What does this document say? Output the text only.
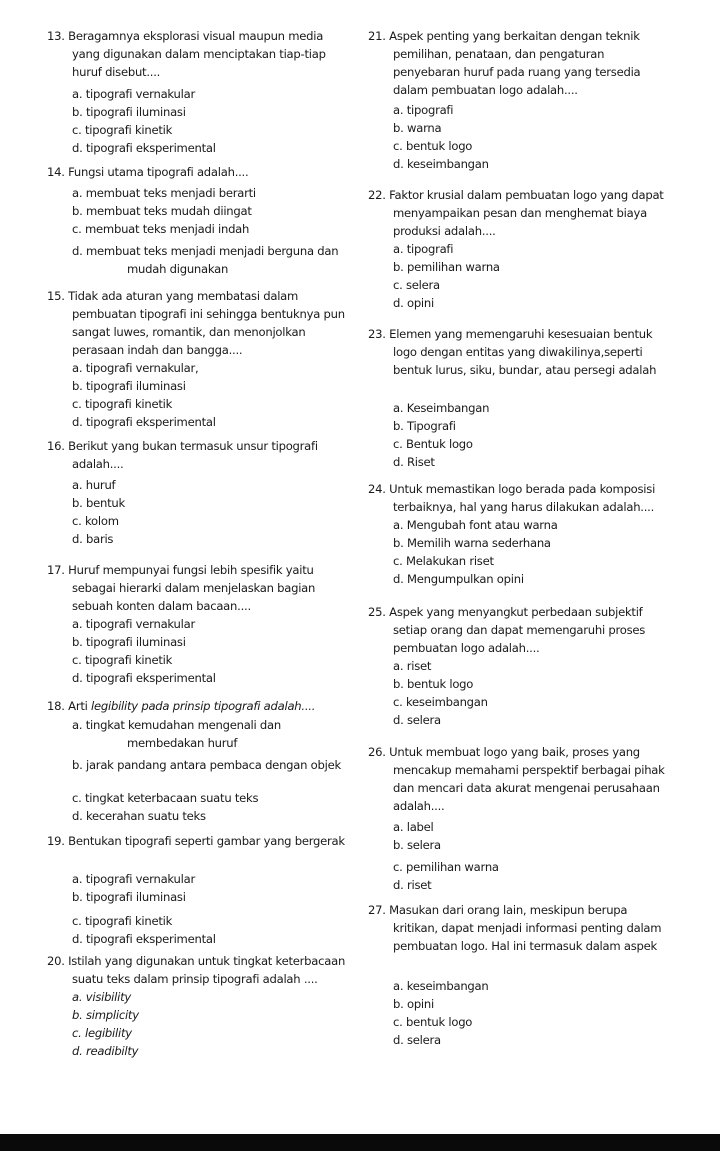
13. Beragamnya eksplorasi visual maupun media yang digunakan dalam menciptakan tiap-tiap huruf disebut....
a. tipografi vernakular
b. tipografi iluminasi
c. tipografi kinetik
d. tipografi eksperimental
14. Fungsi utama tipografi adalah....
a. membuat teks menjadi berarti
b. membuat teks mudah diingat
c. membuat teks menjadi indah
d. membuat teks menjadi menjadi berguna dan mudah digunakan
15. Tidak ada aturan yang membatasi dalam pembuatan tipografi ini sehingga bentuknya pun sangat luwes, romantik, dan menonjolkan perasaan indah dan bangga....
a. tipografi vernakular,
b. tipografi iluminasi
c. tipografi kinetik
d. tipografi eksperimental
16. Berikut yang bukan termasuk unsur tipografi adalah....
a. huruf
b. bentuk
c. kolom
d. baris
17. Huruf mempunyai fungsi lebih spesifik yaitu sebagai hierarki dalam menjelaskan bagian sebuah konten dalam bacaan....
a. tipografi vernakular
b. tipografi iluminasi
c. tipografi kinetik
d. tipografi eksperimental
18. Arti legibility pada prinsip tipografi adalah....
a. tingkat kemudahan mengenali dan membedakan huruf
b. jarak pandang antara pembaca dengan objek
c. tingkat keterbacaan suatu teks
d. kecerahan suatu teks
19. Bentukan tipografi seperti gambar yang bergerak
a. tipografi vernakular
b. tipografi iluminasi
c. tipografi kinetik
d. tipografi eksperimental
20. Istilah yang digunakan untuk tingkat keterbacaan suatu teks dalam prinsip tipografi adalah ....
a. visibility
b. simplicity
c. legibility
d. readibilty
21. Aspek penting yang berkaitan dengan teknik pemilihan, penataan, dan pengaturan penyebaran huruf pada ruang yang tersedia dalam pembuatan logo adalah....
a. tipografi
b. warna
c. bentuk logo
d. keseimbangan
22. Faktor krusial dalam pembuatan logo yang dapat menyampaikan pesan dan menghemat biaya produksi adalah....
a. tipografi
b. pemilihan warna
c. selera
d. opini
23. Elemen yang memengaruhi kesesuaian bentuk logo dengan entitas yang diwakilinya,seperti bentuk lurus, siku, bundar, atau persegi adalah
a. Keseimbangan
b. Tipografi
c. Bentuk logo
d. Riset
24. Untuk memastikan logo berada pada komposisi terbaiknya, hal yang harus dilakukan adalah....
a. Mengubah font atau warna
b. Memilih warna sederhana
c. Melakukan riset
d. Mengumpulkan opini
25. Aspek yang menyangkut perbedaan subjektif setiap orang dan dapat memengaruhi proses pembuatan logo adalah....
a. riset
b. bentuk logo
c. keseimbangan
d. selera
26. Untuk membuat logo yang baik, proses yang mencakup memahami perspektif berbagai pihak dan mencari data akurat mengenai perusahaan adalah....
a. label
b. selera
c. pemilihan warna
d. riset
27. Masukan dari orang lain, meskipun berupa kritikan, dapat menjadi informasi penting dalam pembuatan logo. Hal ini termasuk dalam aspek
a. keseimbangan
b. opini
c. bentuk logo
d. selera
